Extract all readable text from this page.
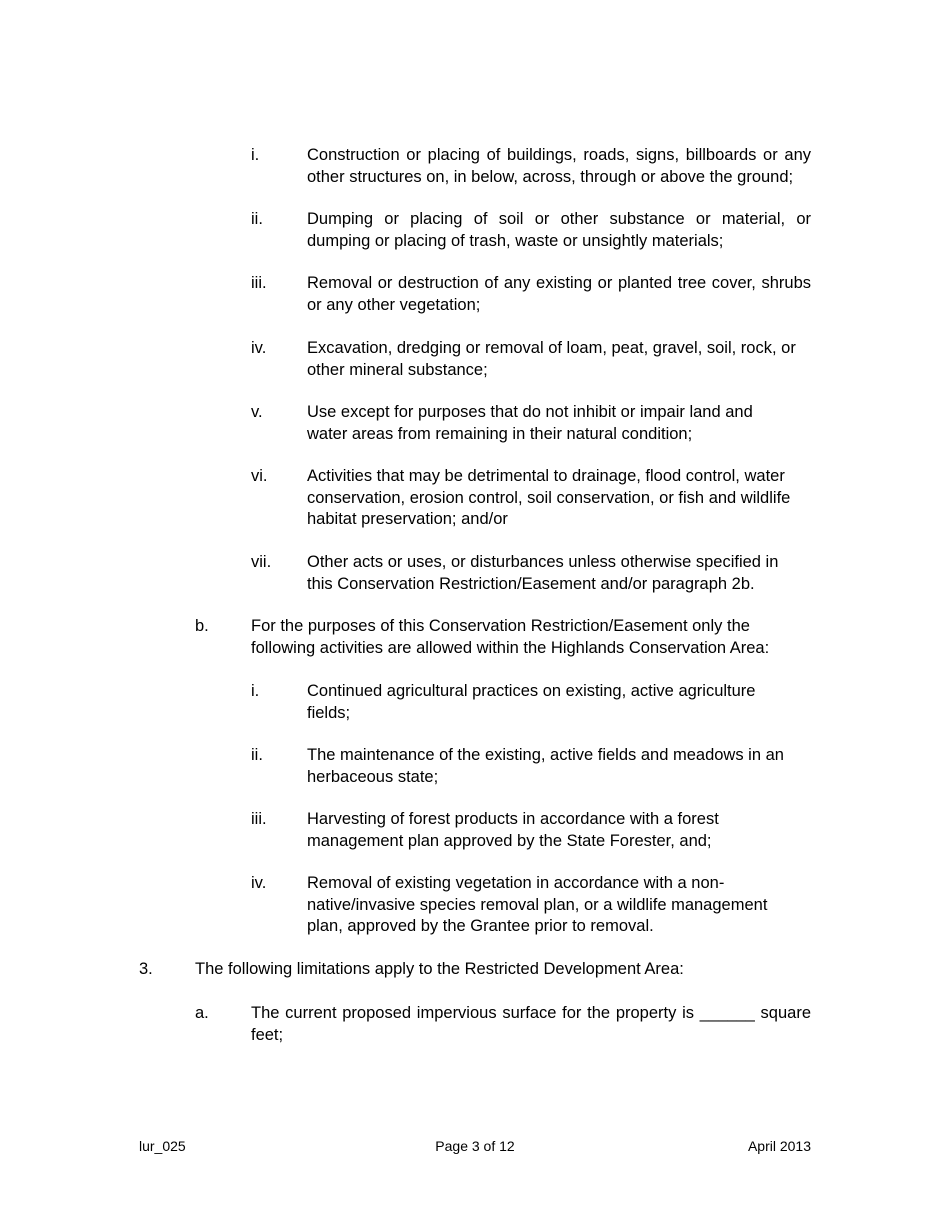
i.	Construction or placing of buildings, roads, signs, billboards or any other structures on, in below, across, through or above the ground;
ii.	Dumping or placing of soil or other substance or material, or dumping or placing of trash, waste or unsightly materials;
iii. Removal or destruction of any existing or planted tree cover, shrubs or any other vegetation;
iv. Excavation, dredging or removal of loam, peat, gravel, soil, rock, or other mineral substance;
v.	Use except for purposes that do not inhibit or impair land and water areas from remaining in their natural condition;
vi. Activities that may be detrimental to drainage, flood control, water conservation, erosion control, soil conservation, or fish and wildlife habitat preservation; and/or
vii. Other acts or uses, or disturbances unless otherwise specified in this Conservation Restriction/Easement and/or paragraph 2b.
b.	For the purposes of this Conservation Restriction/Easement only the following activities are allowed within the Highlands Conservation Area:
i.	Continued agricultural practices on existing, active agriculture fields;
ii.	The maintenance of the existing, active fields and meadows in an herbaceous state;
iii. Harvesting of forest products in accordance with a forest management plan approved by the State Forester, and;
iv. Removal of existing vegetation in accordance with a non-native/invasive species removal plan, or a wildlife management plan, approved by the Grantee prior to removal.
3.	The following limitations apply to the Restricted Development Area:
a.	The current proposed impervious surface for the property is ______ square feet;
lur_025	Page 3 of 12	April 2013
